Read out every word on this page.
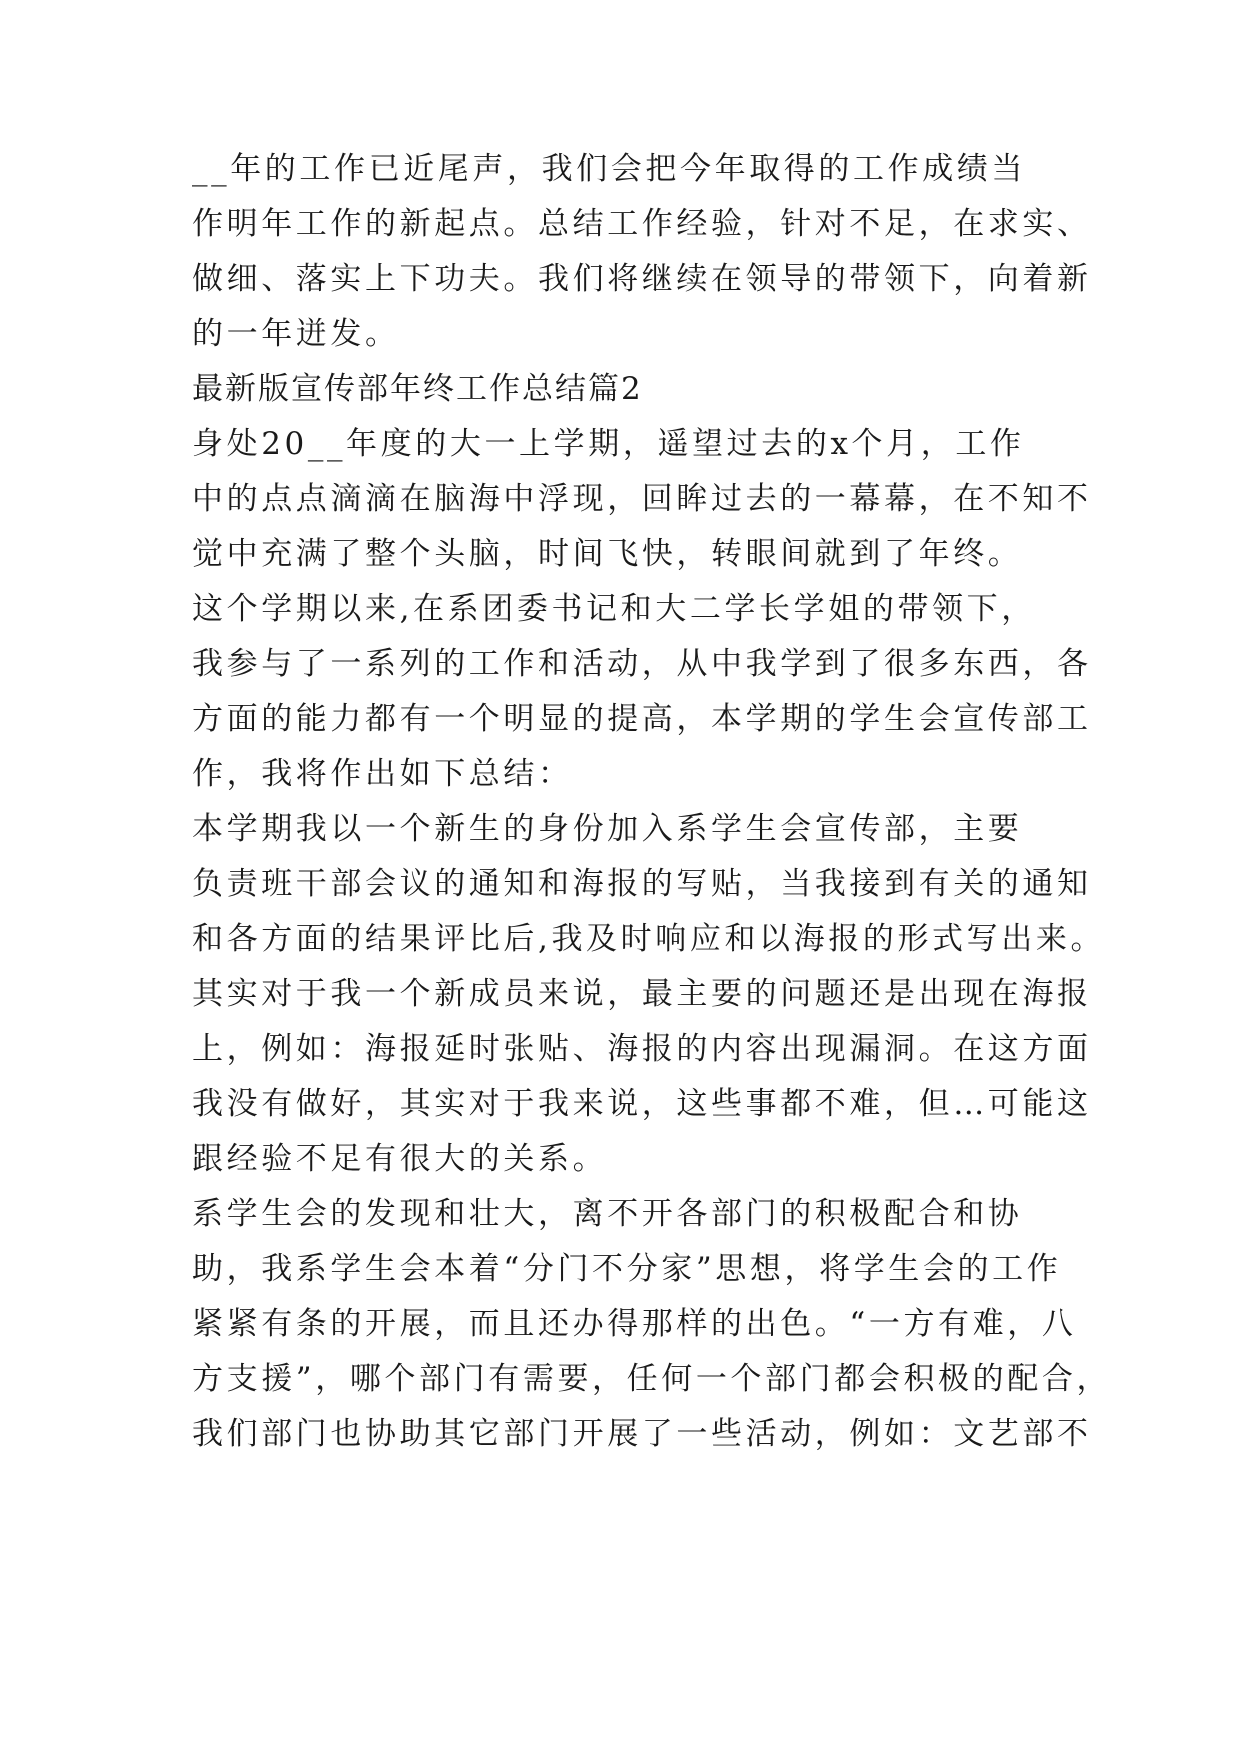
__年的工作已近尾声，我们会把今年取得的工作成绩当
作明年工作的新起点。总结工作经验，针对不足，在求实、
做细、落实上下功夫。我们将继续在领导的带领下，向着新
的一年迸发。
最新版宣传部年终工作总结篇2
身处20__年度的大一上学期，遥望过去的x个月，工作
中的点点滴滴在脑海中浮现，回眸过去的一幕幕，在不知不
觉中充满了整个头脑，时间飞快，转眼间就到了年终。
这个学期以来,在系团委书记和大二学长学姐的带领下，
我参与了一系列的工作和活动，从中我学到了很多东西，各
方面的能力都有一个明显的提高，本学期的学生会宣传部工
作，我将作出如下总结：
本学期我以一个新生的身份加入系学生会宣传部，主要
负责班干部会议的通知和海报的写贴，当我接到有关的通知
和各方面的结果评比后,我及时响应和以海报的形式写出来。
其实对于我一个新成员来说，最主要的问题还是出现在海报
上，例如：海报延时张贴、海报的内容出现漏洞。在这方面
我没有做好，其实对于我来说，这些事都不难，但…可能这
跟经验不足有很大的关系。
系学生会的发现和壮大，离不开各部门的积极配合和协
助，我系学生会本着“分门不分家”思想，将学生会的工作
紧紧有条的开展，而且还办得那样的出色。“一方有难，八
方支援”，哪个部门有需要，任何一个部门都会积极的配合，
我们部门也协助其它部门开展了一些活动，例如：文艺部不
